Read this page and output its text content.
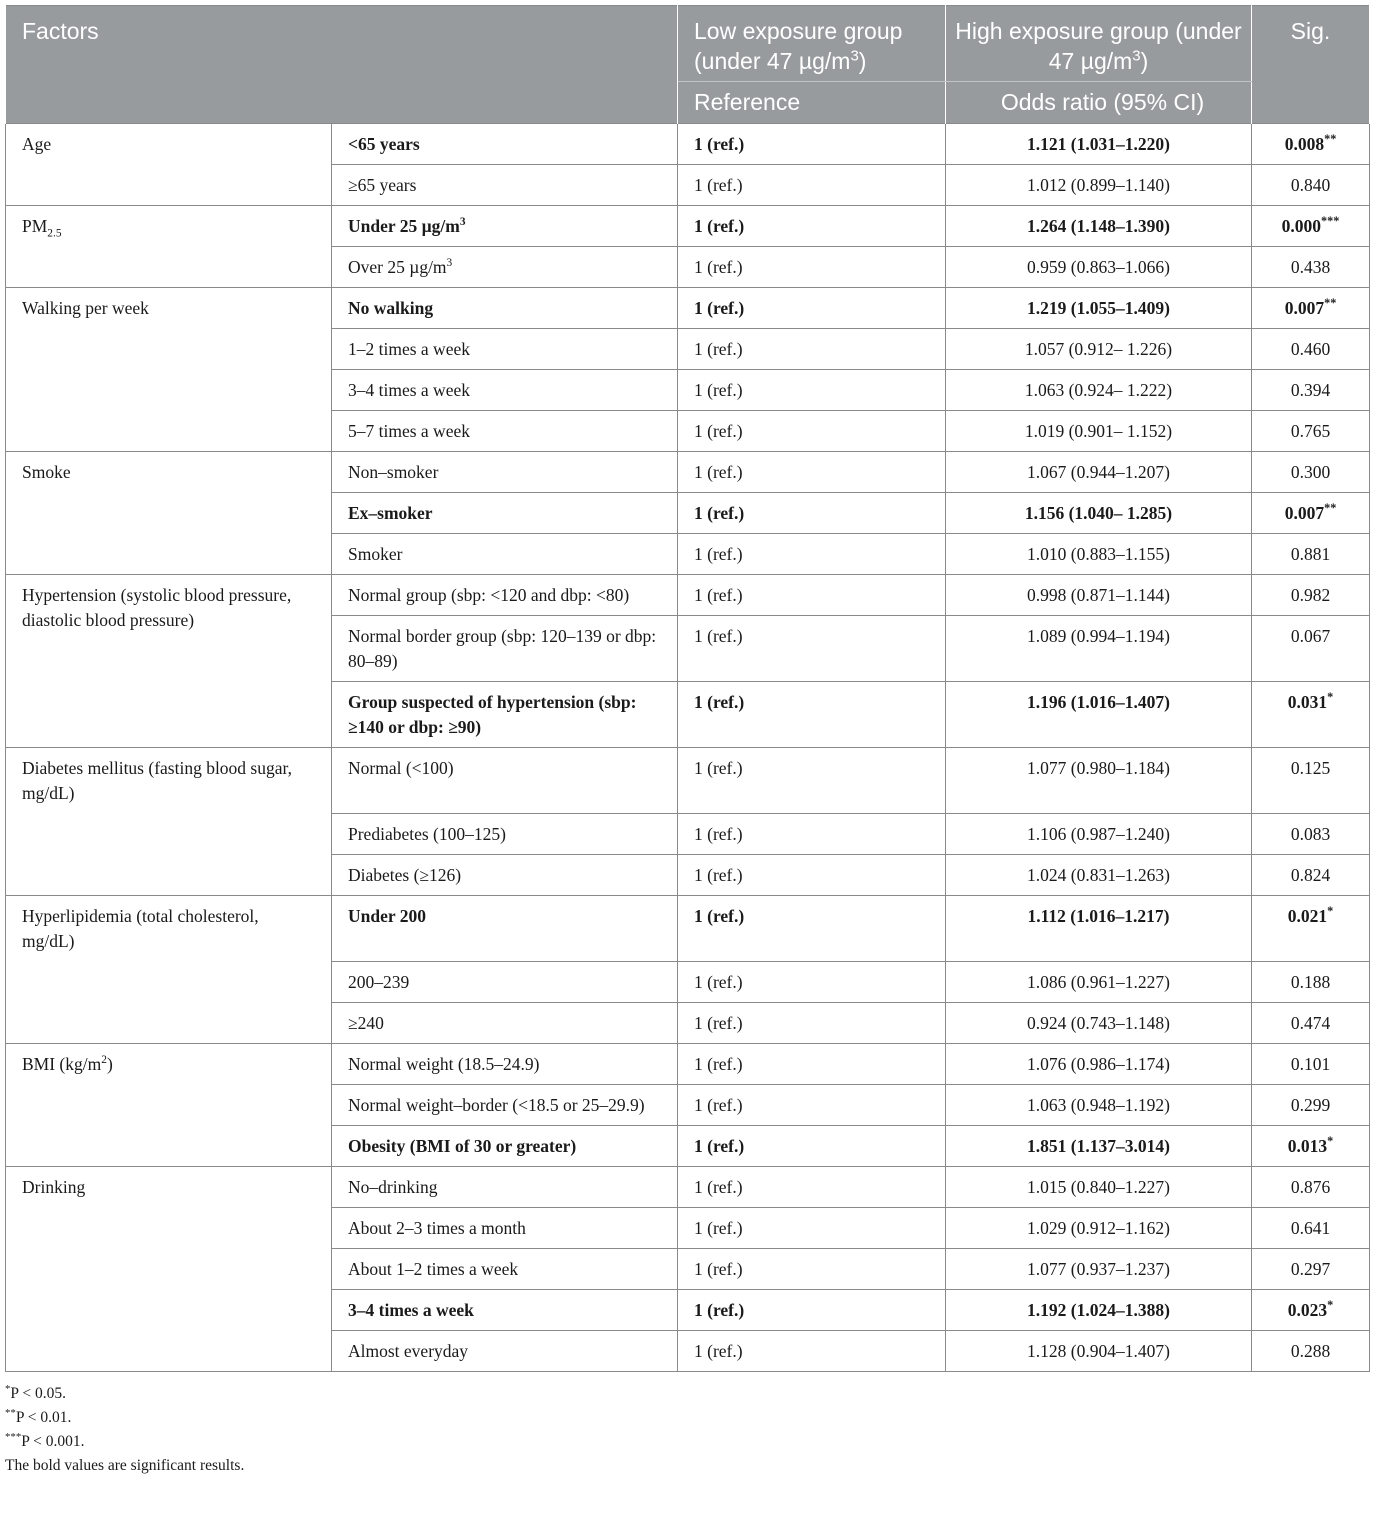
Factors		Low exposure group (under 47 $\mu g/m^3$)	High exposure group (under 47 $\mu g/m^3$)	Sig.
		Reference	Odds ratio (95% CI)	
Age	<65 years	1 (ref.)	1.121 (1.031–1.220)	0.008**
	≥65 years	1 (ref.)	1.012 (0.899–1.140)	0.840
$PM_{2.5}$	Under 25 $\mu g/m^3$	1 (ref.)	1.264 (1.148–1.390)	0.000***
	Over 25 $\mu g/m^3$	1 (ref.)	0.959 (0.863–1.066)	0.438
Walking per week	No walking	1 (ref.)	1.219 (1.055–1.409)	0.007**
	1–2 times a week	1 (ref.)	1.057 (0.912– 1.226)	0.460
	3–4 times a week	1 (ref.)	1.063 (0.924– 1.222)	0.394
	5–7 times a week	1 (ref.)	1.019 (0.901– 1.152)	0.765
Smoke	Non–smoker	1 (ref.)	1.067 (0.944–1.207)	0.300
	Ex–smoker	1 (ref.)	1.156 (1.040– 1.285)	0.007**
	Smoker	1 (ref.)	1.010 (0.883–1.155)	0.881
Hypertension (systolic blood pressure, diastolic blood pressure)	Normal group (sbp: <120 and dbp: <80)	1 (ref.)	0.998 (0.871–1.144)	0.982
	Normal border group (sbp: 120–139 or dbp: 80–89)	1 (ref.)	1.089 (0.994–1.194)	0.067
	Group suspected of hypertension (sbp: ≥140 or dbp: ≥90)	1 (ref.)	1.196 (1.016–1.407)	0.031*
Diabetes mellitus (fasting blood sugar, mg/dL)	Normal (<100)	1 (ref.)	1.077 (0.980–1.184)	0.125
	Prediabetes (100–125)	1 (ref.)	1.106 (0.987–1.240)	0.083
	Diabetes (≥126)	1 (ref.)	1.024 (0.831–1.263)	0.824
Hyperlipidemia (total cholesterol, mg/dL)	Under 200	1 (ref.)	1.112 (1.016–1.217)	0.021*
	200–239	1 (ref.)	1.086 (0.961–1.227)	0.188
	≥240	1 (ref.)	0.924 (0.743–1.148)	0.474
BMI $(kg/m^2)$	Normal weight (18.5–24.9)	1 (ref.)	1.076 (0.986–1.174)	0.101
	Normal weight–border (<18.5 or 25–29.9)	1 (ref.)	1.063 (0.948–1.192)	0.299
	Obesity (BMI of 30 or greater)	1 (ref.)	1.851 (1.137–3.014)	0.013*
Drinking	No–drinking	1 (ref.)	1.015 (0.840–1.227)	0.876
	About 2–3 times a month	1 (ref.)	1.029 (0.912–1.162)	0.641
	About 1–2 times a week	1 (ref.)	1.077 (0.937–1.237)	0.297
	3–4 times a week	1 (ref.)	1.192 (1.024–1.388)	0.023*
	Almost everyday	1 (ref.)	1.128 (0.904–1.407)	0.288
*P < 0.05.
**P < 0.01.
***P < 0.001.
The bold values are significant results.
